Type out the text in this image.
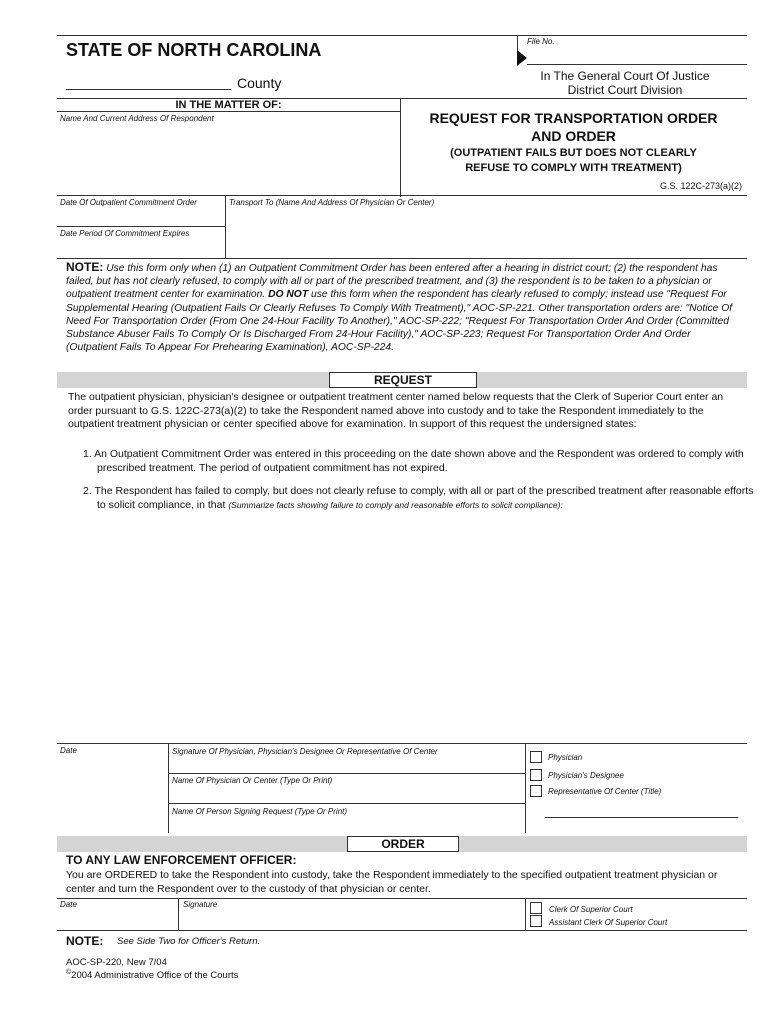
STATE OF NORTH CAROLINA	File No.
County	In The General Court Of Justice
District Court Division
IN THE MATTER OF:
Name And Current Address Of Respondent	REQUEST FOR TRANSPORTATION ORDER
AND ORDER
(OUTPATIENT FAILS BUT DOES NOT CLEARLY
REFUSE TO COMPLY WITH TREATMENT)
G.S. 122C-273(a)(2)
Date Of Outpatient Commitment Order	Transport To (Name And Address Of Physician Or Center)
Date Period Of Commitment Expires
NOTE: Use this form only when (1) an Outpatient Commitment Order has been entered after a hearing in district court; (2) the respondent has failed, but has not clearly refused, to comply with all or part of the prescribed treatment, and (3) the respondent is to be taken to a physician or outpatient treatment center for examination. DO NOT use this form when the respondent has clearly refused to comply; instead use "Request For Supplemental Hearing (Outpatient Fails Or Clearly Refuses To Comply With Treatment)," AOC-SP-221. Other transportation orders are: "Notice Of Need For Transportation Order (From One 24-Hour Facility To Another)," AOC-SP-222; "Request For Transportation Order And Order (Committed Substance Abuser Fails To Comply Or Is Discharged From 24-Hour Facility)," AOC-SP-223; Request For Transportation Order And Order (Outpatient Fails To Appear For Prehearing Examination), AOC-SP-224.
REQUEST
The outpatient physician, physician's designee or outpatient treatment center named below requests that the Clerk of Superior Court enter an order pursuant to G.S. 122C-273(a)(2) to take the Respondent named above into custody and to take the Respondent immediately to the outpatient treatment physician or center specified above for examination. In support of this request the undersigned states:
1. An Outpatient Commitment Order was entered in this proceeding on the date shown above and the Respondent was ordered to comply with prescribed treatment. The period of outpatient commitment has not expired.
2. The Respondent has failed to comply, but does not clearly refuse to comply, with all or part of the prescribed treatment after reasonable efforts to solicit compliance, in that (Summarize facts showing failure to comply and reasonable efforts to solicit compliance):
Date	Signature Of Physician, Physician's Designee Or Representative Of Center
Name Of Physician Or Center (Type Or Print)
Name Of Person Signing Request (Type Or Print)
Physician
Physician's Designee
Representative Of Center (Title)
ORDER
TO ANY LAW ENFORCEMENT OFFICER:
You are ORDERED to take the Respondent into custody, take the Respondent immediately to the specified outpatient treatment physician or center and turn the Respondent over to the custody of that physician or center.
Date	Signature
Clerk Of Superior Court
Assistant Clerk Of Superior Court
NOTE: See Side Two for Officer's Return.
AOC-SP-220, New 7/04
©2004 Administrative Office of the Courts
